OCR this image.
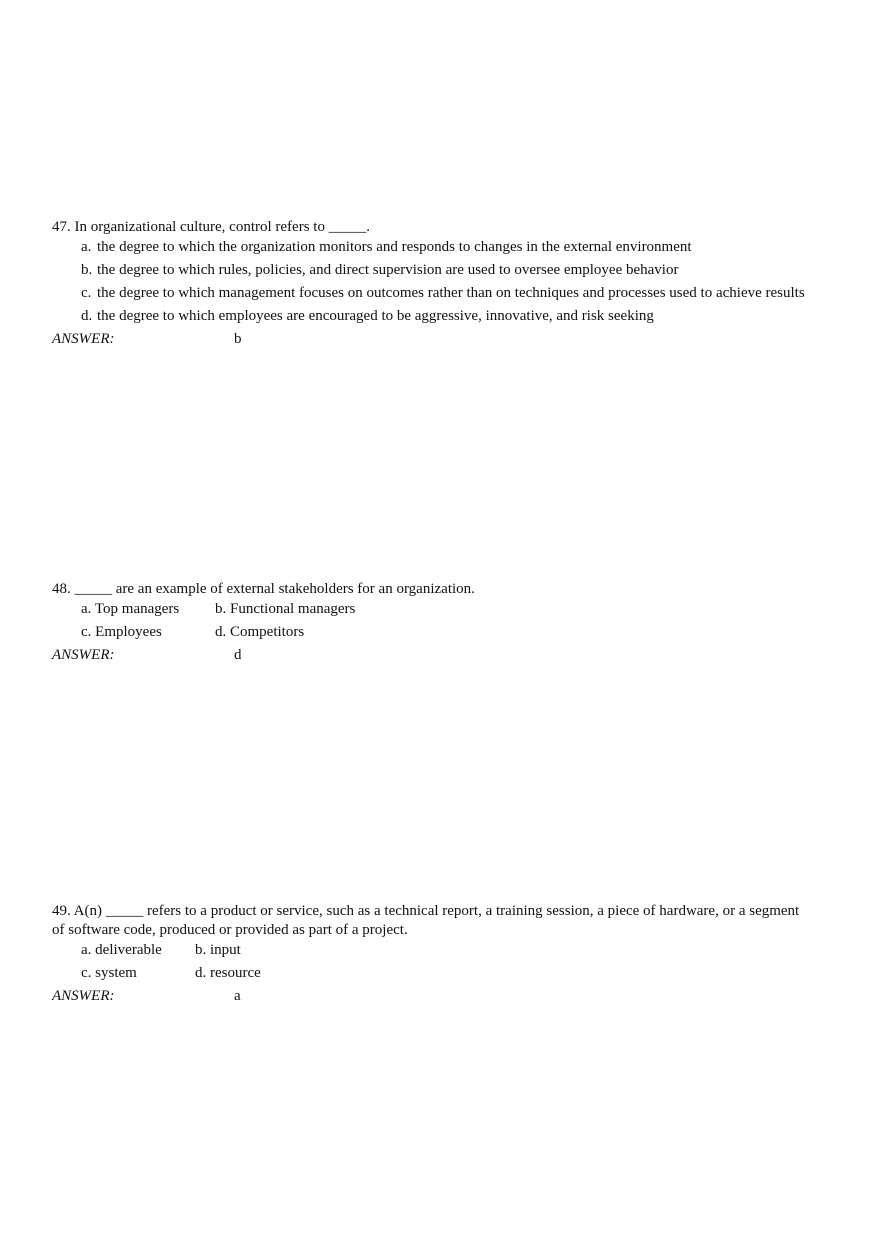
47. In organizational culture, control refers to _____.
a. the degree to which the organization monitors and responds to changes in the external environment
b. the degree to which rules, policies, and direct supervision are used to oversee employee behavior
c. the degree to which management focuses on outcomes rather than on techniques and processes used to achieve results
d. the degree to which employees are encouraged to be aggressive, innovative, and risk seeking
ANSWER:	b
48. _____ are an example of external stakeholders for an organization.
a. Top managers	b. Functional managers
c. Employees	d. Competitors
ANSWER:	d
49. A(n) _____ refers to a product or service, such as a technical report, a training session, a piece of hardware, or a segment of software code, produced or provided as part of a project.
a. deliverable	b. input
c. system	d. resource
ANSWER:	a
